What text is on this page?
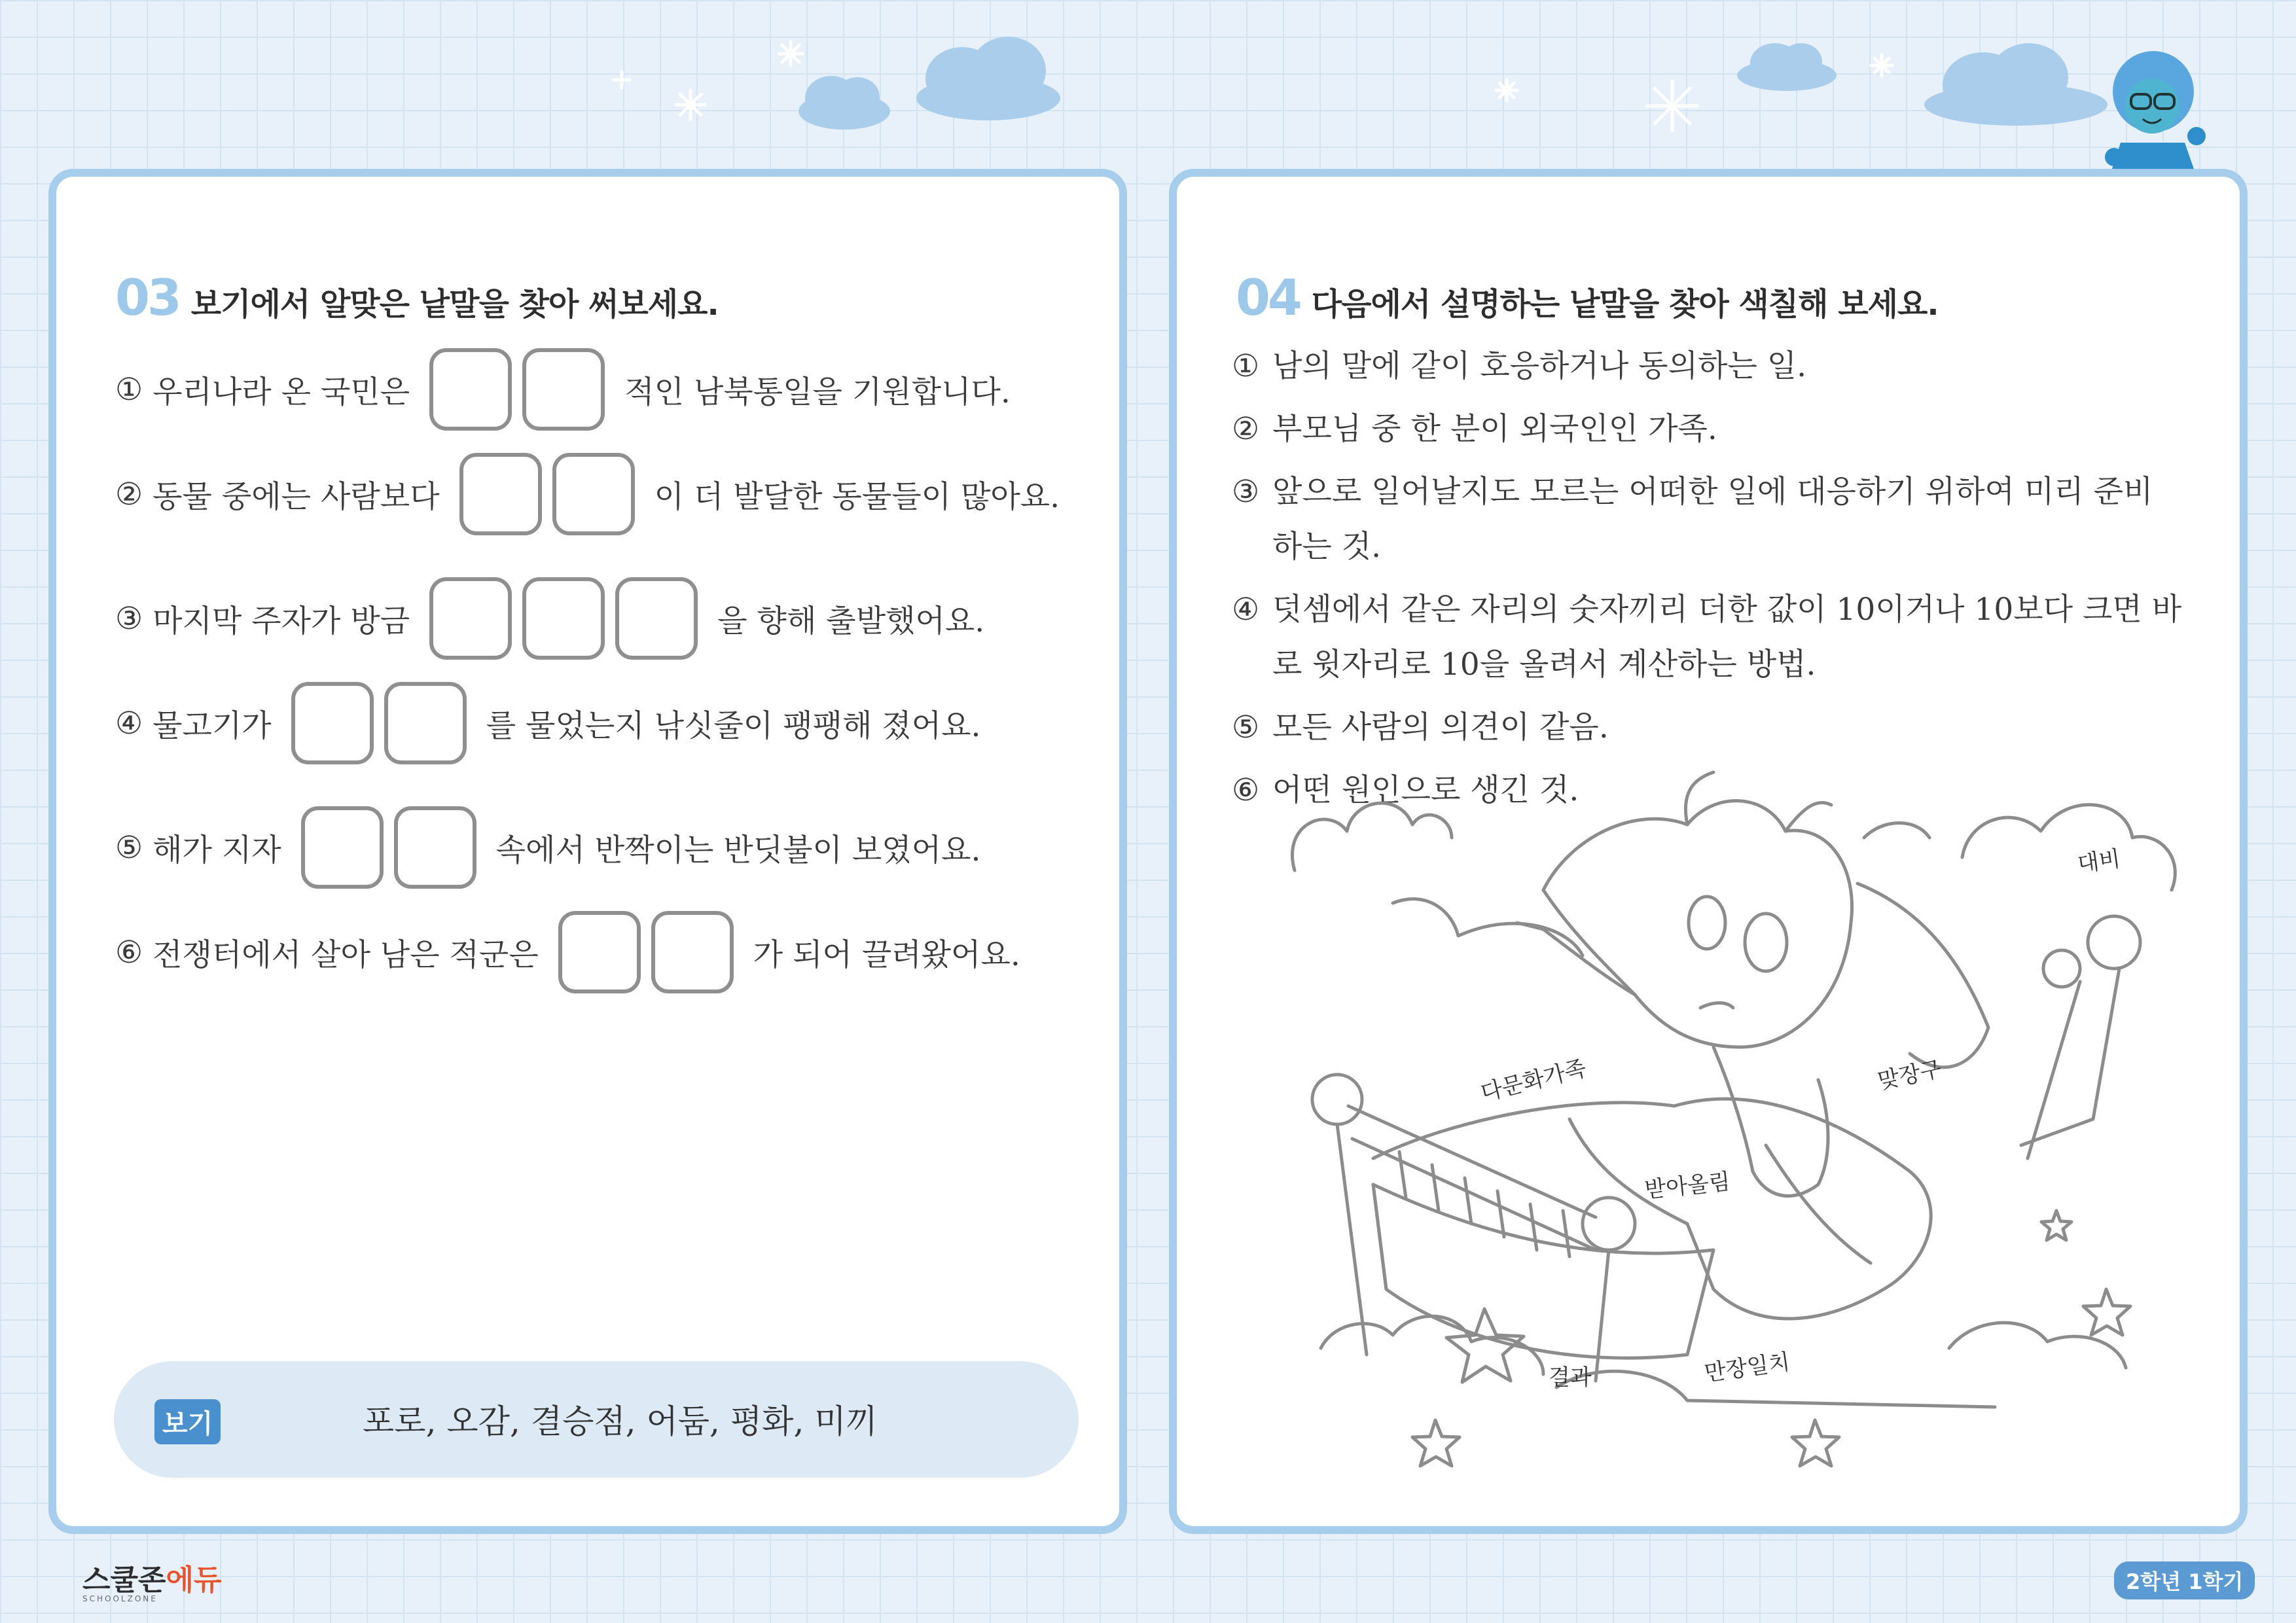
03 보기에서 알맞은 낱말을 찾아 써보세요.
①
우리나라 온 국민은	적인 남북통일을 기원합니다.
②
동물 중에는 사람보다	이 더 발달한 동물들이 많아요.
③
마지막 주자가 방금	을 향해 출발했어요.
④
물고기가	를 물었는지 낚싯줄이 팽팽해 졌어요.
⑤
해가 지자	속에서 반짝이는 반딧불이 보였어요.
⑥
전쟁터에서 살아 남은 적군은	가 되어 끌려왔어요.
보기	포로, 오감, 결승점, 어둠, 평화, 미끼
04 다음에서 설명하는 낱말을 찾아 색칠해 보세요.
① 남의 말에 같이 호응하거나 동의하는 일.
② 부모님 중 한 분이 외국인인 가족.
③ 앞으로 일어날지도 모르는 어떠한 일에 대응하기 위하여 미리 준비
하는 것.
④ 덧셈에서 같은 자리의 숫자끼리 더한 값이 10이거나 10보다 크면 바
로 윗자리로 10을 올려서 계산하는 방법.
⑤ 모든 사람의 의견이 같음.
⑥ 어떤 원인으로 생긴 것.
대비
다문화가족	맞장구
받아올림
결과	만장일치
스쿨존에듀
SCHOOLZONE
2학년 1학기
